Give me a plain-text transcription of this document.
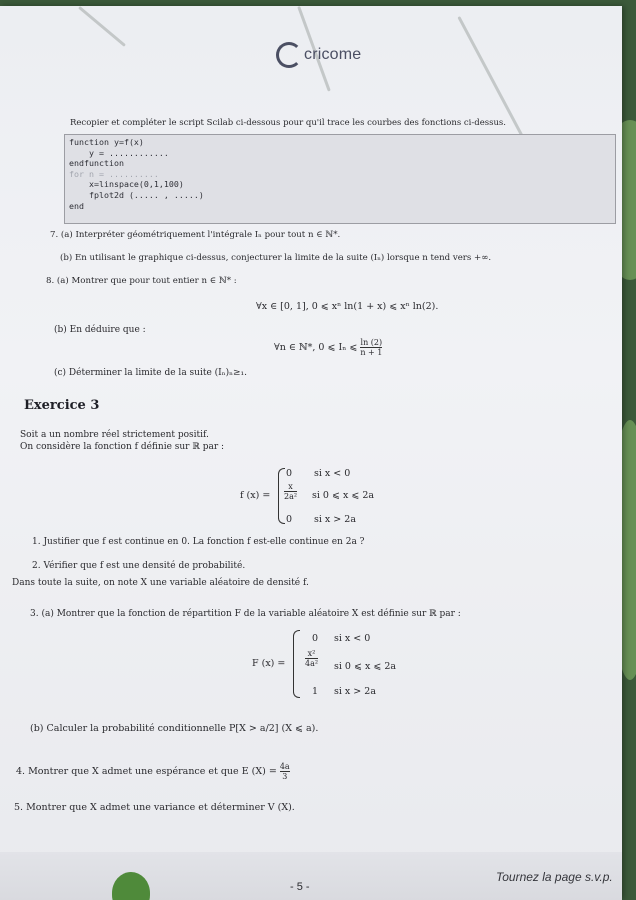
cricome
Recopier et compléter le script Scilab ci-dessous pour qu'il trace les courbes des fonctions ci-dessus.
function y=f(x)
y = ............
endfunction
for n = ..........
x=linspace(0,1,100)
fplot2d (..... , .....)
end
7. (a) Interpréter géométriquement l'intégrale Iₙ pour tout n ∈ ℕ*.
(b) En utilisant le graphique ci-dessus, conjecturer la limite de la suite (Iₙ) lorsque n tend vers +∞.
8. (a) Montrer que pour tout entier n ∈ ℕ* :
∀x ∈ [0, 1], 0 ⩽ xⁿ ln(1 + x) ⩽ xⁿ ln(2).
(b) En déduire que :
∀n ∈ ℕ*, 0 ⩽ Iₙ ⩽ $\frac{\ln (2)}{n + 1}$
(c) Déterminer la limite de la suite (Iₙ)ₙ≥₁.
Exercice 3
Soit a un nombre réel strictement positif.
On considère la fonction f définie sur ℝ par :
f (x) =
0 si x < 0
$\frac{x}{\text{2a²}}$ si 0 ⩽ x ⩽ 2a
0 si x > 2a
1. Justifier que f est continue en 0. La fonction f est-elle continue en 2a ?
2. Vérifier que f est une densité de probabilité.
Dans toute la suite, on note X une variable aléatoire de densité f.
3. (a) Montrer que la fonction de répartition F de la variable aléatoire X est définie sur ℝ par :
F (x) =
0 si x < 0
$\frac{\text{x²}}{\text{4a²}}$ si 0 ⩽ x ⩽ 2a
1 si x > 2a
(b) Calculer la probabilité conditionnelle P[X > a/2] (X ⩽ a).
4. Montrer que X admet une espérance et que E $(X) = \frac{4a}{3}$
5. Montrer que X admet une variance et déterminer V (X).
- 5 -
Tournez la page s.v.p.
